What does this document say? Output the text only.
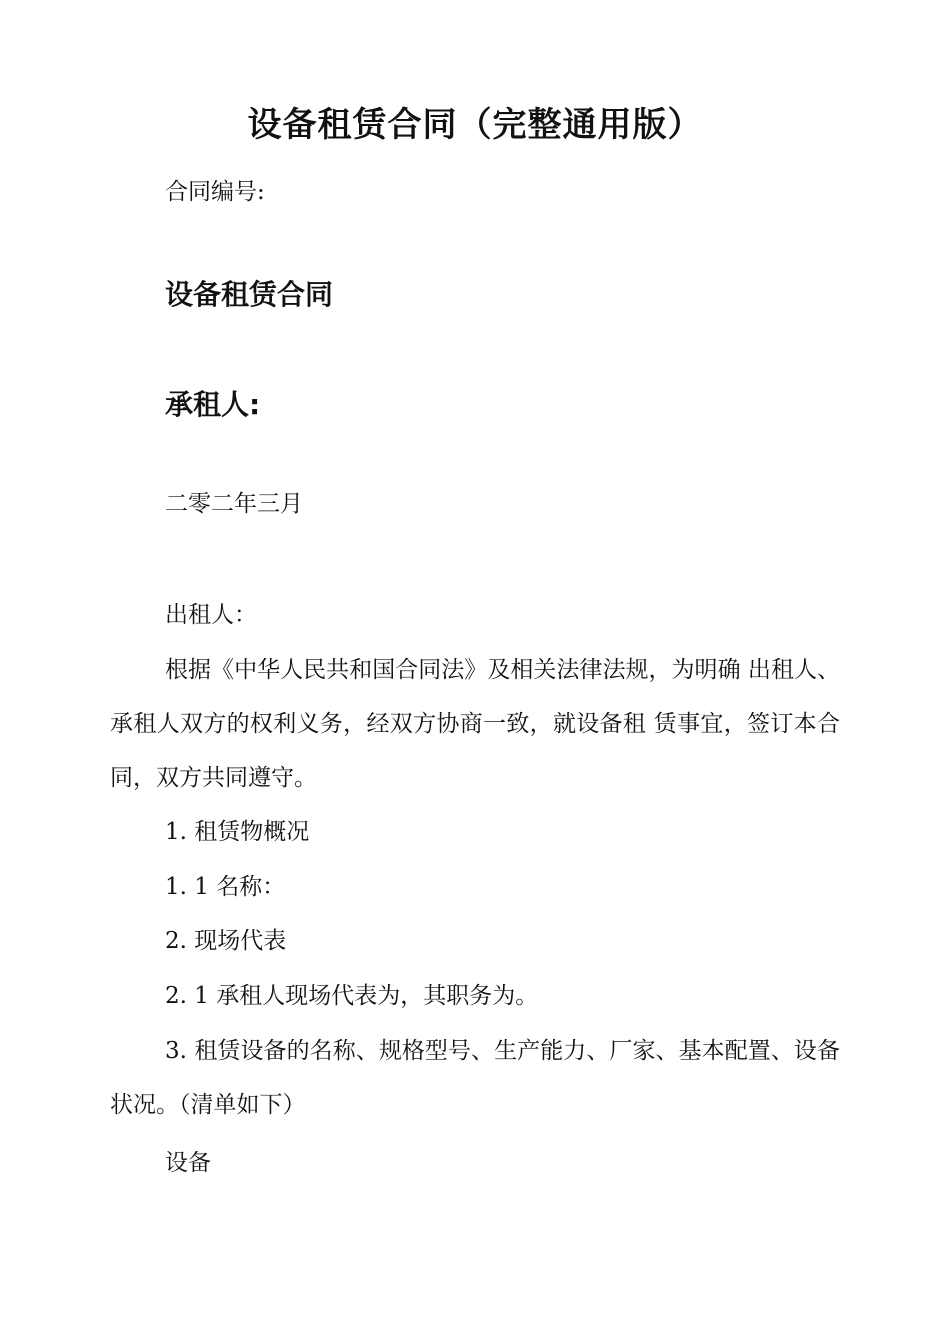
设备租赁合同（完整通用版）
合同编号:
设备租赁合同
承租人:
二零二年三月
出租人：
根据《中华人民共和国合同法》及相关法律法规，为明确 出租人、承租人双方的权利义务，经双方协商一致，就设备租 赁事宜，签订本合同，双方共同遵守。
1. 租赁物概况
1. 1 名称：
2. 现场代表
2. 1 承租人现场代表为，其职务为。
3. 租赁设备的名称、规格型号、生产能力、厂家、基本配置、设备状况。（清单如下）
设备
